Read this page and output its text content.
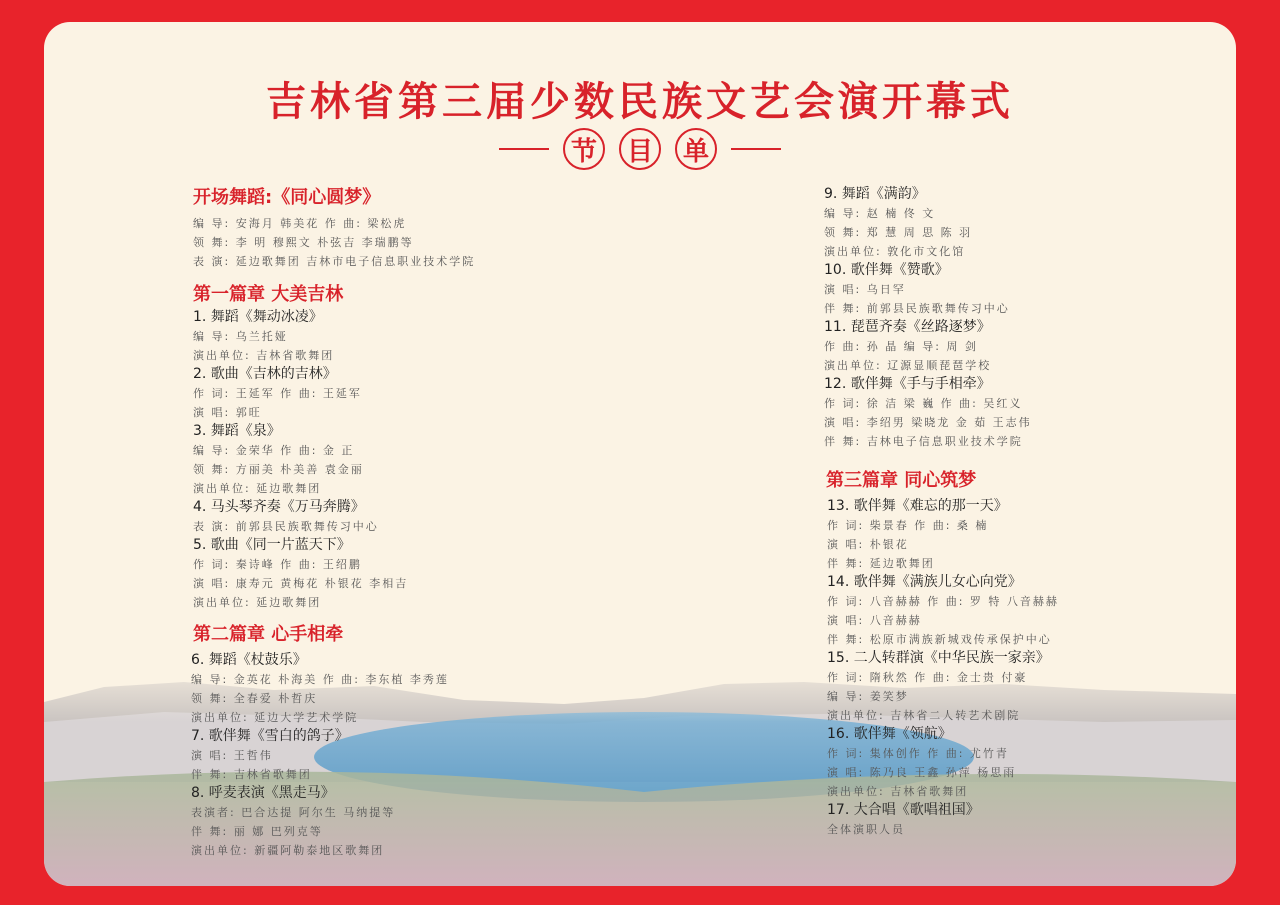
吉林省第三届少数民族文艺会演开幕式
节	目	单
开场舞蹈:《同心圆梦》
编 导: 安海月 韩美花 作 曲: 梁松虎
领 舞: 李 明 穆熙文 朴弦吉 李瑞鹏等
表 演: 延边歌舞团 吉林市电子信息职业技术学院
第一篇章 大美吉林
1. 舞蹈《舞动冰凌》
编 导: 乌兰托娅
演出单位: 吉林省歌舞团
2. 歌曲《吉林的吉林》
作 词: 王延军 作 曲: 王延军
演 唱: 郭旺
3. 舞蹈《泉》
编 导: 金荣华 作 曲: 金 正
领 舞: 方丽美 朴美善 袁金丽
演出单位: 延边歌舞团
4. 马头琴齐奏《万马奔腾》
表 演: 前郭县民族歌舞传习中心
5. 歌曲《同一片蓝天下》
作 词: 秦诗峰 作 曲: 王绍鹏
演 唱: 康寿元 黄梅花 朴银花 李相吉
演出单位: 延边歌舞团
第二篇章 心手相牵
6. 舞蹈《杖鼓乐》
编 导: 金英花 朴海美 作 曲: 李东植 李秀莲
领 舞: 全春爱 朴哲庆
演出单位: 延边大学艺术学院
7. 歌伴舞《雪白的鸽子》
演 唱: 王哲伟
伴 舞: 吉林省歌舞团
8. 呼麦表演《黑走马》
表演者: 巴合达提 阿尔生 马纳提等
伴 舞: 丽 娜 巴列克等
演出单位: 新疆阿勒泰地区歌舞团
9. 舞蹈《满韵》
编 导: 赵 楠 佟 文
领 舞: 郑 慧 周 思 陈 羽
演出单位: 敦化市文化馆
10. 歌伴舞《赞歌》
演 唱: 乌日罕
伴 舞: 前郭县民族歌舞传习中心
11. 琵琶齐奏《丝路逐梦》
作 曲: 孙 晶 编 导: 周 剑
演出单位: 辽源显顺琵琶学校
12. 歌伴舞《手与手相牵》
作 词: 徐 洁 梁 巍 作 曲: 吴红义
演 唱: 李绍男 梁晓龙 金 茹 王志伟
伴 舞: 吉林电子信息职业技术学院
第三篇章 同心筑梦
13. 歌伴舞《难忘的那一天》
作 词: 柴景春 作 曲: 桑 楠
演 唱: 朴银花
伴 舞: 延边歌舞团
14. 歌伴舞《满族儿女心向党》
作 词: 八音赫赫 作 曲: 罗 特 八音赫赫
演 唱: 八音赫赫
伴 舞: 松原市满族新城戏传承保护中心
15. 二人转群演《中华民族一家亲》
作 词: 隋秋然 作 曲: 金士贵 付豪
编 导: 姜笑梦
演出单位: 吉林省二人转艺术剧院
16. 歌伴舞《领航》
作 词: 集体创作 作 曲: 尤竹青
演 唱: 陈乃良 王鑫 孙萍 杨思雨
演出单位: 吉林省歌舞团
17. 大合唱《歌唱祖国》
全体演职人员
